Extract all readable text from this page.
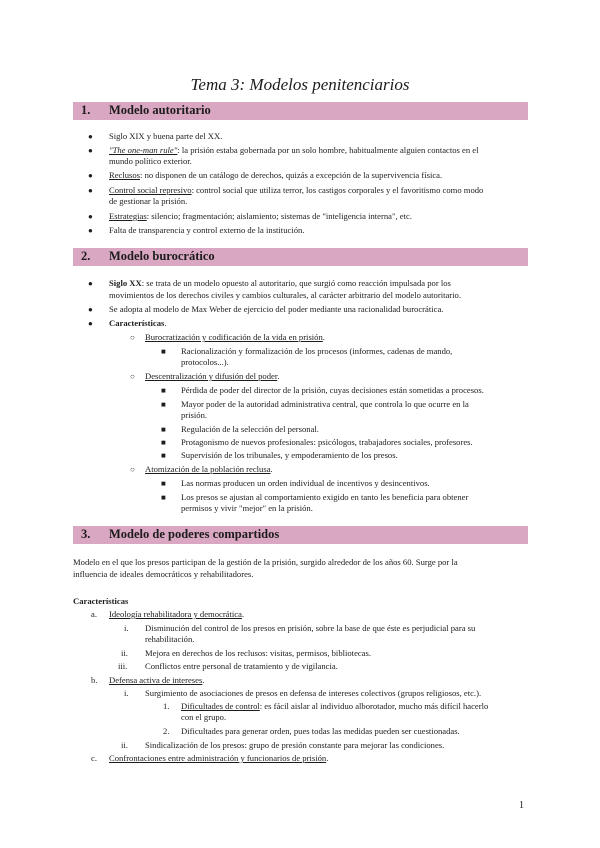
Tema 3: Modelos penitenciarios
1. Modelo autoritario
● Siglo XIX y buena parte del XX.
● "The one-man rule": la prisión estaba gobernada por un solo hombre, habitualmente alguien contactos en el
mundo político exterior.
● Reclusos: no disponen de un catálogo de derechos, quizás a excepción de la supervivencia física.
● Control social represivo: control social que utiliza terror, los castigos corporales y el favoritismo como modo
de gestionar la prisión.
● Estrategias: silencio; fragmentación; aislamiento; sistemas de "inteligencia interna", etc.
● Falta de transparencia y control externo de la institución.
2. Modelo burocrático
● Siglo XX: se trata de un modelo opuesto al autoritario, que surgió como reacción impulsada por los
movimientos de los derechos civiles y cambios culturales, al carácter arbitrario del modelo autoritario.
● Se adopta al modelo de Max Weber de ejercicio del poder mediante una racionalidad burocrática.
● Características.
○ Burocratización y codificación de la vida en prisión.
■ Racionalización y formalización de los procesos (informes, cadenas de mando,
protocolos...).
○ Descentralización y difusión del poder.
■ Pérdida de poder del director de la prisión, cuyas decisiones están sometidas a procesos.
■ Mayor poder de la autoridad administrativa central, que controla lo que ocurre en la
prisión.
■ Regulación de la selección del personal.
■ Protagonismo de nuevos profesionales: psicólogos, trabajadores sociales, profesores.
■ Supervisión de los tribunales, y empoderamiento de los presos.
○ Atomización de la población reclusa.
■ Las normas producen un orden individual de incentivos y desincentivos.
■ Los presos se ajustan al comportamiento exigido en tanto les beneficia para obtener
permisos y vivir "mejor" en la prisión.
3. Modelo de poderes compartidos
Modelo en el que los presos participan de la gestión de la prisión, surgido alrededor de los años 60. Surge por la
influencia de ideales democráticos y rehabilitadores.
Características
a. Ideología rehabilitadora y democrática.
i. Disminución del control de los presos en prisión, sobre la base de que éste es perjudicial para su
rehabilitación.
ii. Mejora en derechos de los reclusos: visitas, permisos, bibliotecas.
iii. Conflictos entre personal de tratamiento y de vigilancia.
b. Defensa activa de intereses.
i. Surgimiento de asociaciones de presos en defensa de intereses colectivos (grupos religiosos, etc.).
1. Dificultades de control: es fácil aislar al individuo alborotador, mucho más difícil hacerlo
con el grupo.
2. Dificultades para generar orden, pues todas las medidas pueden ser cuestionadas.
ii. Sindicalización de los presos: grupo de presión constante para mejorar las condiciones.
c. Confrontaciones entre administración y funcionarios de prisión.
1
